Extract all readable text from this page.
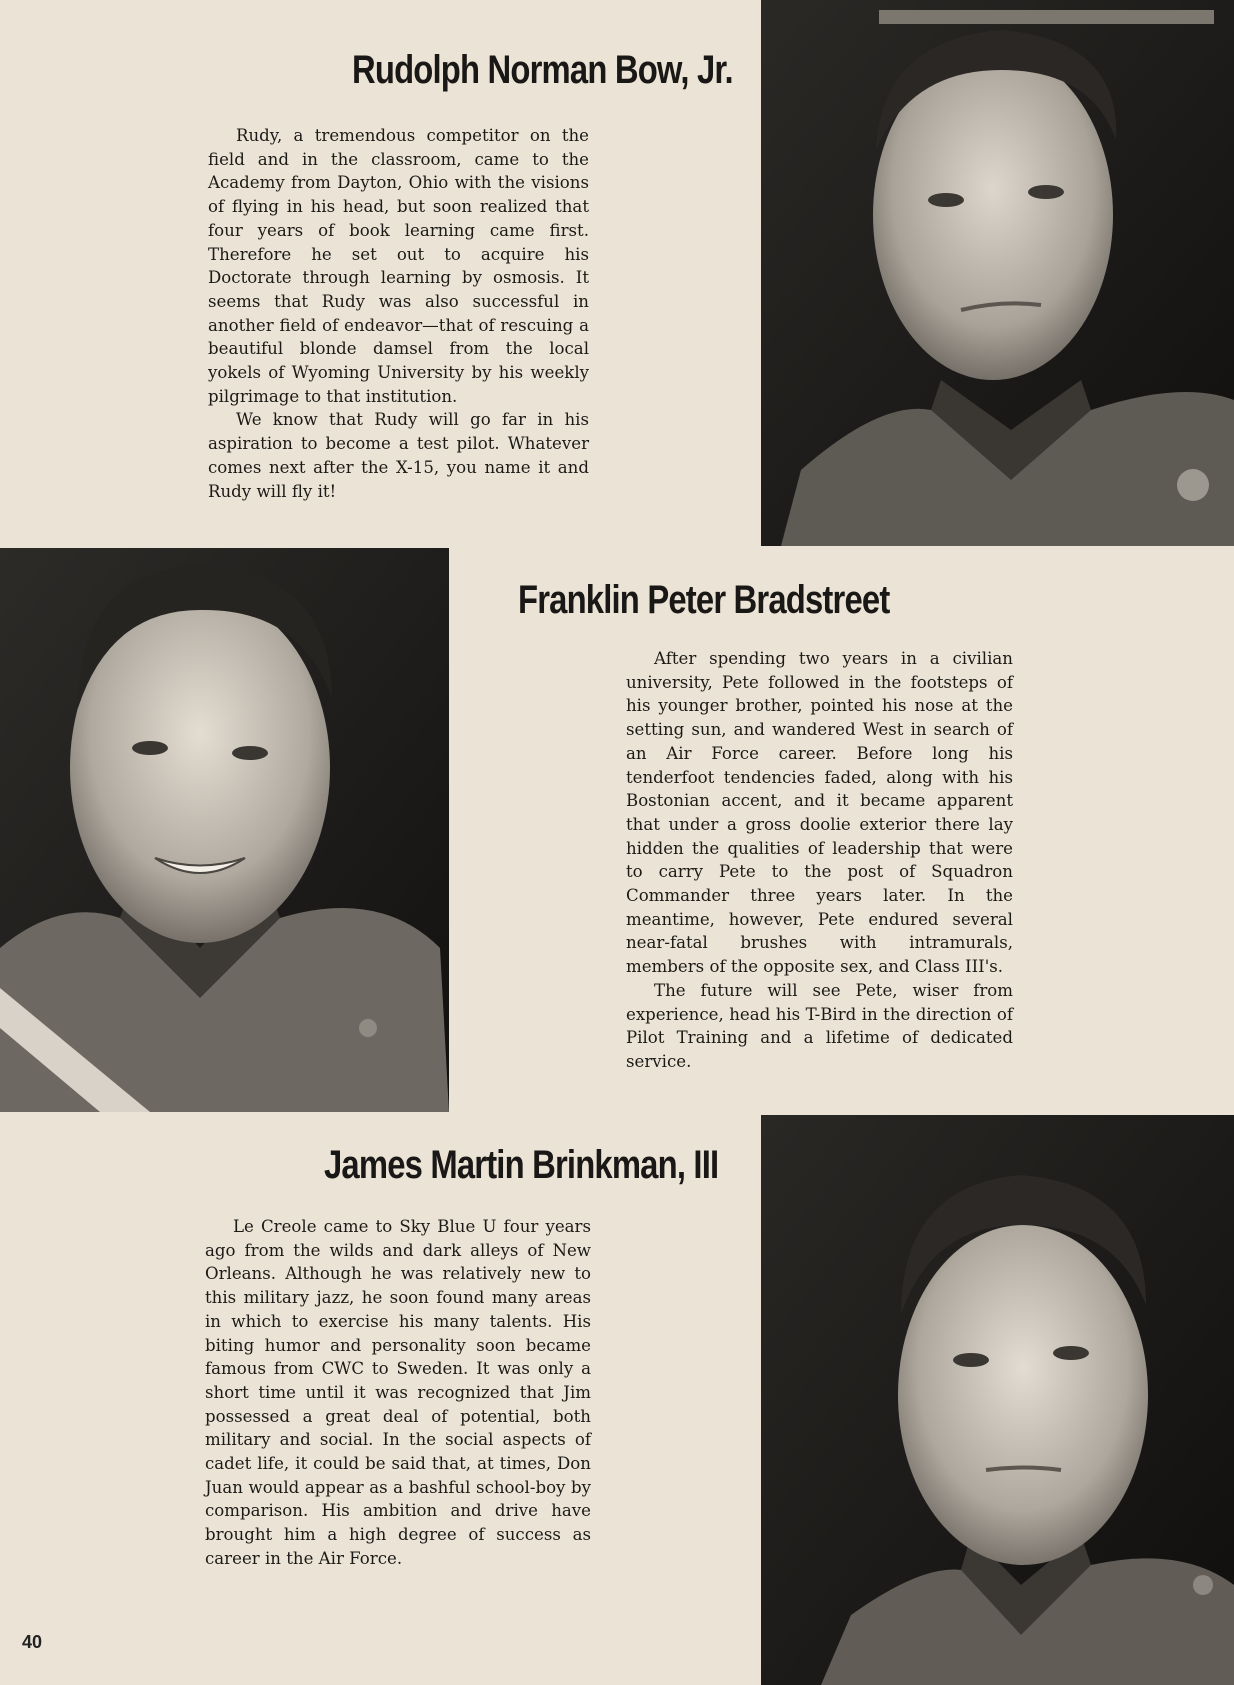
Rudolph Norman Bow, Jr.

Rudy, a tremendous competitor on the field and in the classroom, came to the Academy from Dayton, Ohio with the visions of flying in his head, but soon realized that four years of book learning came first. Therefore he set out to acquire his Doctorate through learning by osmosis. It seems that Rudy was also successful in another field of endeavor—that of rescuing a beautiful blonde damsel from the local yokels of Wyoming University by his weekly pilgrimage to that institution.

We know that Rudy will go far in his aspiration to become a test pilot. Whatever comes next after the X-15, you name it and Rudy will fly it!

Franklin Peter Bradstreet

After spending two years in a civilian university, Pete followed in the footsteps of his younger brother, pointed his nose at the setting sun, and wandered West in search of an Air Force career. Before long his tenderfoot tendencies faded, along with his Bostonian accent, and it became apparent that under a gross doolie exterior there lay hidden the qualities of leadership that were to carry Pete to the post of Squadron Commander three years later. In the meantime, however, Pete endured several near-fatal brushes with intramurals, members of the opposite sex, and Class III's.

The future will see Pete, wiser from experience, head his T-Bird in the direction of Pilot Training and a lifetime of dedicated service.

James Martin Brinkman, III

Le Creole came to Sky Blue U four years ago from the wilds and dark alleys of New Orleans. Although he was relatively new to this military jazz, he soon found many areas in which to exercise his many talents. His biting humor and personality soon became famous from CWC to Sweden. It was only a short time until it was recognized that Jim possessed a great deal of potential, both military and social. In the social aspects of cadet life, it could be said that, at times, Don Juan would appear as a bashful school-boy by comparison. His ambition and drive have brought him a high degree of success as career in the Air Force.

40
